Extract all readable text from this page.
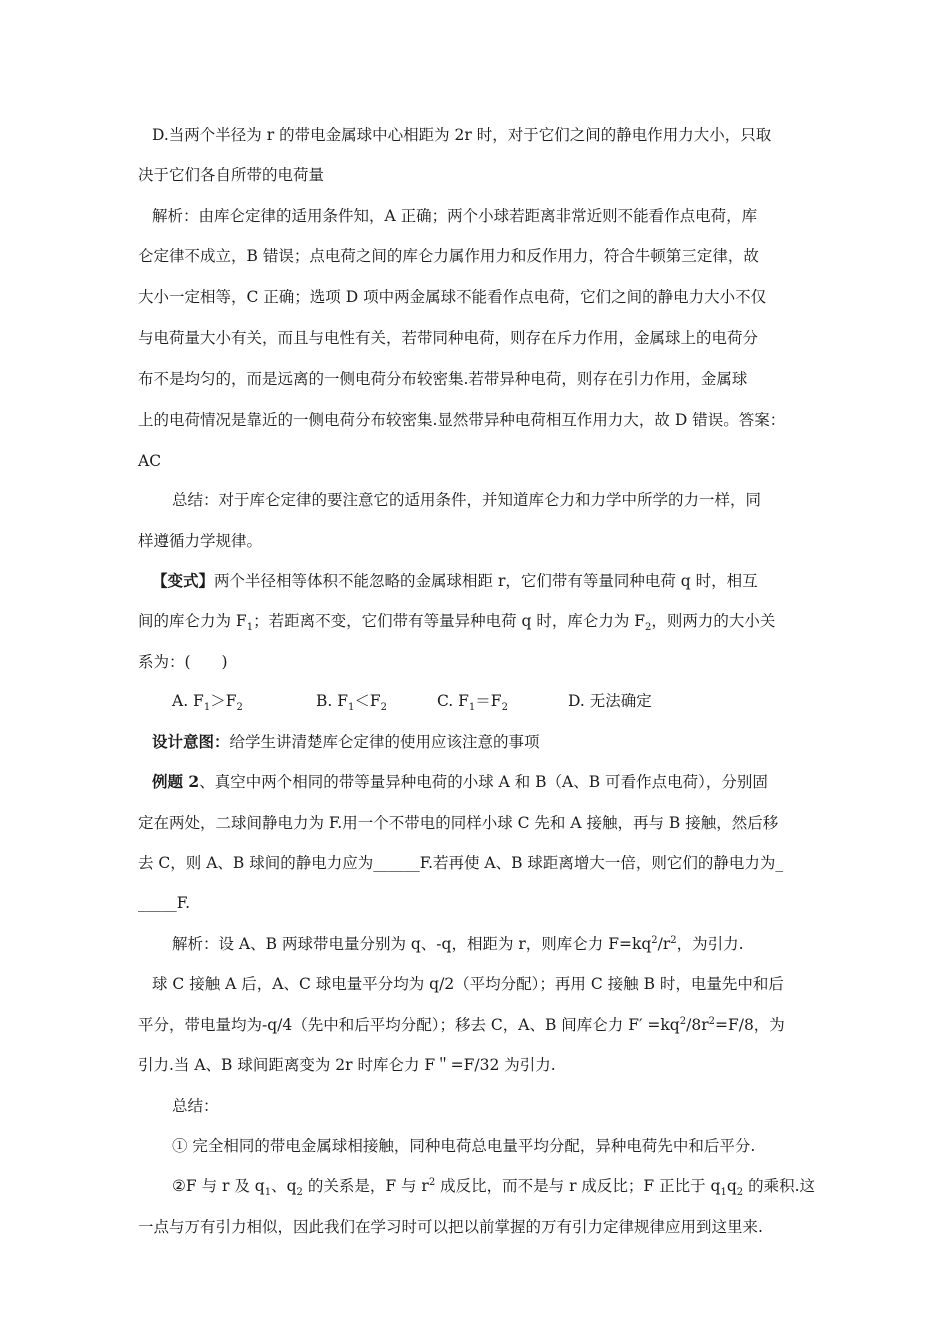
D.当两个半径为 r 的带电金属球中心相距为 2r 时，对于它们之间的静电作用力大小，只取
决于它们各自所带的电荷量
解析：由库仑定律的适用条件知，A 正确；两个小球若距离非常近则不能看作点电荷，库
仑定律不成立，B 错误；点电荷之间的库仑力属作用力和反作用力，符合牛顿第三定律，故
大小一定相等，C 正确；选项 D 项中两金属球不能看作点电荷，它们之间的静电力大小不仅
与电荷量大小有关，而且与电性有关，若带同种电荷，则存在斥力作用，金属球上的电荷分
布不是均匀的，而是远离的一侧电荷分布较密集.若带异种电荷，则存在引力作用，金属球
上的电荷情况是靠近的一侧电荷分布较密集.显然带异种电荷相互作用力大，故 D 错误。答案：
AC
总结：对于库仑定律的要注意它的适用条件，并知道库仑力和力学中所学的力一样，同
样遵循力学规律。
【变式】两个半径相等体积不能忽略的金属球相距 r，它们带有等量同种电荷 q 时，相互
间的库仑力为 $F_1$；若距离不变，它们带有等量异种电荷 q 时，库仑力为 $F_2$，则两力的大小关
系为：(　　)
A. $F_1>F_2$	B. $F_1<F_2$	C. $F_1=F_2$	D. 无法确定
设计意图：给学生讲清楚库仑定律的使用应该注意的事项
例题 2、真空中两个相同的带等量异种电荷的小球 A 和 B（A、B 可看作点电荷），分别固
定在两处，二球间静电力为 F.用一个不带电的同样小球 C 先和 A 接触，再与 B 接触，然后移
去 C，则 A、B 球间的静电力应为______F.若再使 A、B 球距离增大一倍，则它们的静电力为_
_____F.
解析：设 A、B 两球带电量分别为 q、-q，相距为 r，则库仑力 $F=kq^2/r^2$，为引力.
球 C 接触 A 后，A、C 球电量平分均为 q/2（平均分配）；再用 C 接触 B 时，电量先中和后
平分，带电量均为-q/4（先中和后平均分配）；移去 C，A、B 间库仑力 $F' =kq^2/8r^2=F/8$，为
引力.当 A、B 球间距离变为 2r 时库仑力 F＂=F/32 为引力.
总结：
① 完全相同的带电金属球相接触，同种电荷总电量平均分配，异种电荷先中和后平分.
②F 与 r 及 $q_1$、$q_2$ 的关系是，F 与 $r^2$ 成反比，而不是与 r 成反比；F 正比于 $q_1q_2$ 的乘积.这
一点与万有引力相似，因此我们在学习时可以把以前掌握的万有引力定律规律应用到这里来.
